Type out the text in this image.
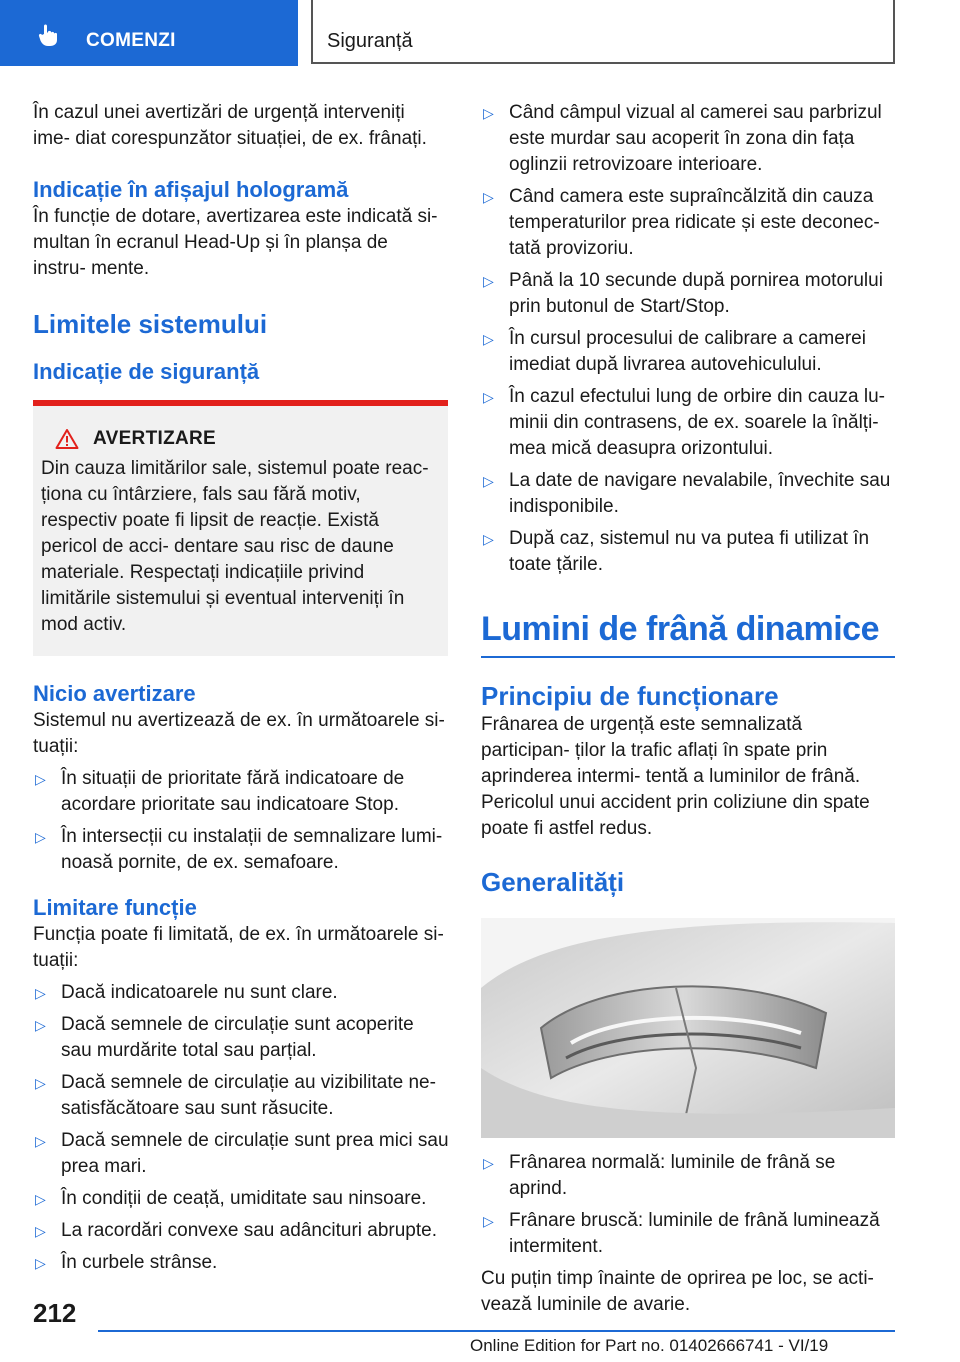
COMENZI	Siguranță

În cazul unei avertizări de urgență interveniți ime- diat corespunzător situației, de ex. frânați.

Indicație în afișajul hologramă

În funcție de dotare, avertizarea este indicată si- multan în ecranul Head-Up și în planșa de instru- mente.

Limitele sistemului
Indicație de siguranță
AVERTIZARE

Din cauza limitărilor sale, sistemul poate reac- ționa cu întârziere, fals sau fără motiv, respectiv poate fi lipsit de reacție. Există pericol de acci- dentare sau risc de daune materiale. Respectați indicațiile privind limitările sistemului și eventual interveniți în mod activ.

Nicio avertizare

Sistemul nu avertizează de ex. în următoarele si- tuații:

▷ În situații de prioritate fără indicatoare de acordare prioritate sau indicatoare Stop.
▷ În intersecții cu instalații de semnalizare lumi- noasă pornite, de ex. semafoare.
Limitare funcție

Funcția poate fi limitată, de ex. în următoarele si- tuații:

▷ Dacă indicatoarele nu sunt clare.
▷ Dacă semnele de circulație sunt acoperite sau murdărite total sau parțial.
▷ Dacă semnele de circulație au vizibilitate ne- satisfăcătoare sau sunt răsucite.
▷ Dacă semnele de circulație sunt prea mici sau prea mari.
▷ În condiții de ceață, umiditate sau ninsoare.
▷ La racordări convexe sau adâncituri abrupte.
▷ În curbele strânse.
▷ Când câmpul vizual al camerei sau parbrizul este murdar sau acoperit în zona din fața oglinzii retrovizoare interioare.
▷ Când camera este supraîncălzită din cauza temperaturilor prea ridicate și este deconec- tată provizoriu.
▷ Până la 10 secunde după pornirea motorului prin butonul de Start/Stop.
▷ În cursul procesului de calibrare a camerei imediat după livrarea autovehiculului.
▷ În cazul efectului lung de orbire din cauza lu- minii din contrasens, de ex. soarele la înălți- mea mică deasupra orizontului.
▷ La date de navigare nevalabile, învechite sau indisponibile.
▷ După caz, sistemul nu va putea fi utilizat în toate țările.
Lumini de frână dinamice
Principiu de funcționare

Frânarea de urgență este semnalizată participan- ților la trafic aflați în spate prin aprinderea intermi- tentă a luminilor de frână. Pericolul unui accident prin coliziune din spate poate fi astfel redus.

Generalități
▷ Frânarea normală: luminile de frână se aprind.
▷ Frânare bruscă: luminile de frână luminează intermitent.

Cu puțin timp înainte de oprirea pe loc, se acti- vează luminile de avarie.

212
Online Edition for Part no. 01402666741 - VI/19
